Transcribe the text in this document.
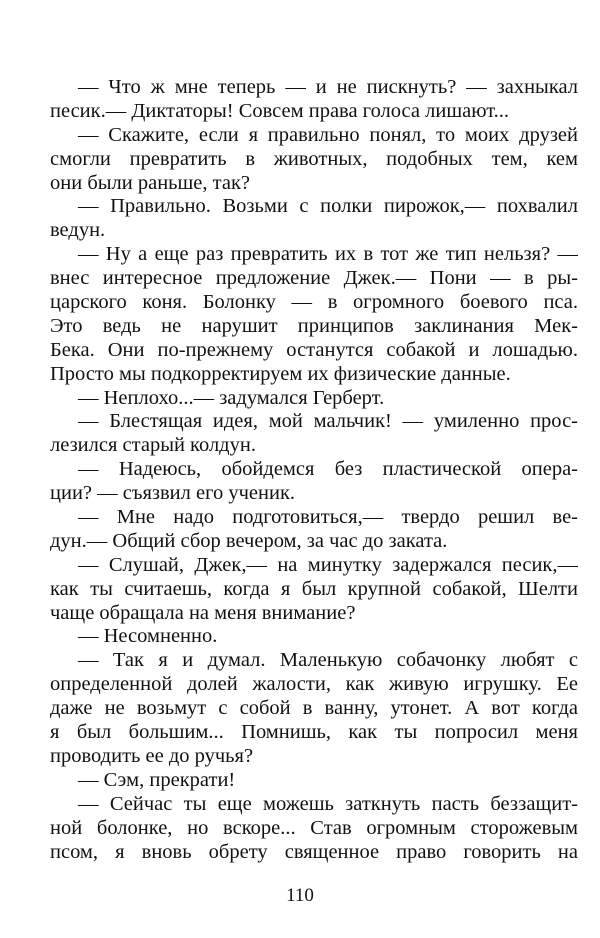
— Что ж мне теперь — и не пискнуть? — захныкал
песик.— Диктаторы! Совсем права голоса лишают...
— Скажите, если я правильно понял, то моих друзей
смогли превратить в животных, подобных тем, кем
они были раньше, так?
— Правильно. Возьми с полки пирожок,— похвалил
ведун.
— Ну а еще раз превратить их в тот же тип нельзя? —
внес интересное предложение Джек.— Пони — в ры-
царского коня. Болонку — в огромного боевого пса.
Это ведь не нарушит принципов заклинания Мек-
Бека. Они по-прежнему останутся собакой и лошадью.
Просто мы подкорректируем их физические данные.
— Неплохо...— задумался Герберт.
— Блестящая идея, мой мальчик! — умиленно прос-
лезился старый колдун.
— Надеюсь, обойдемся без пластической опера-
ции? — съязвил его ученик.
— Мне надо подготовиться,— твердо решил ве-
дун.— Общий сбор вечером, за час до заката.
— Слушай, Джек,— на минутку задержался песик,—
как ты считаешь, когда я был крупной собакой, Шелти
чаще обращала на меня внимание?
— Несомненно.
— Так я и думал. Маленькую собачонку любят с
определенной долей жалости, как живую игрушку. Ее
даже не возьмут с собой в ванну, утонет. А вот когда
я был большим... Помнишь, как ты попросил меня
проводить ее до ручья?
— Сэм, прекрати!
— Сейчас ты еще можешь заткнуть пасть беззащит-
ной болонке, но вскоре... Став огромным сторожевым
псом, я вновь обрету священное право говорить на
110
